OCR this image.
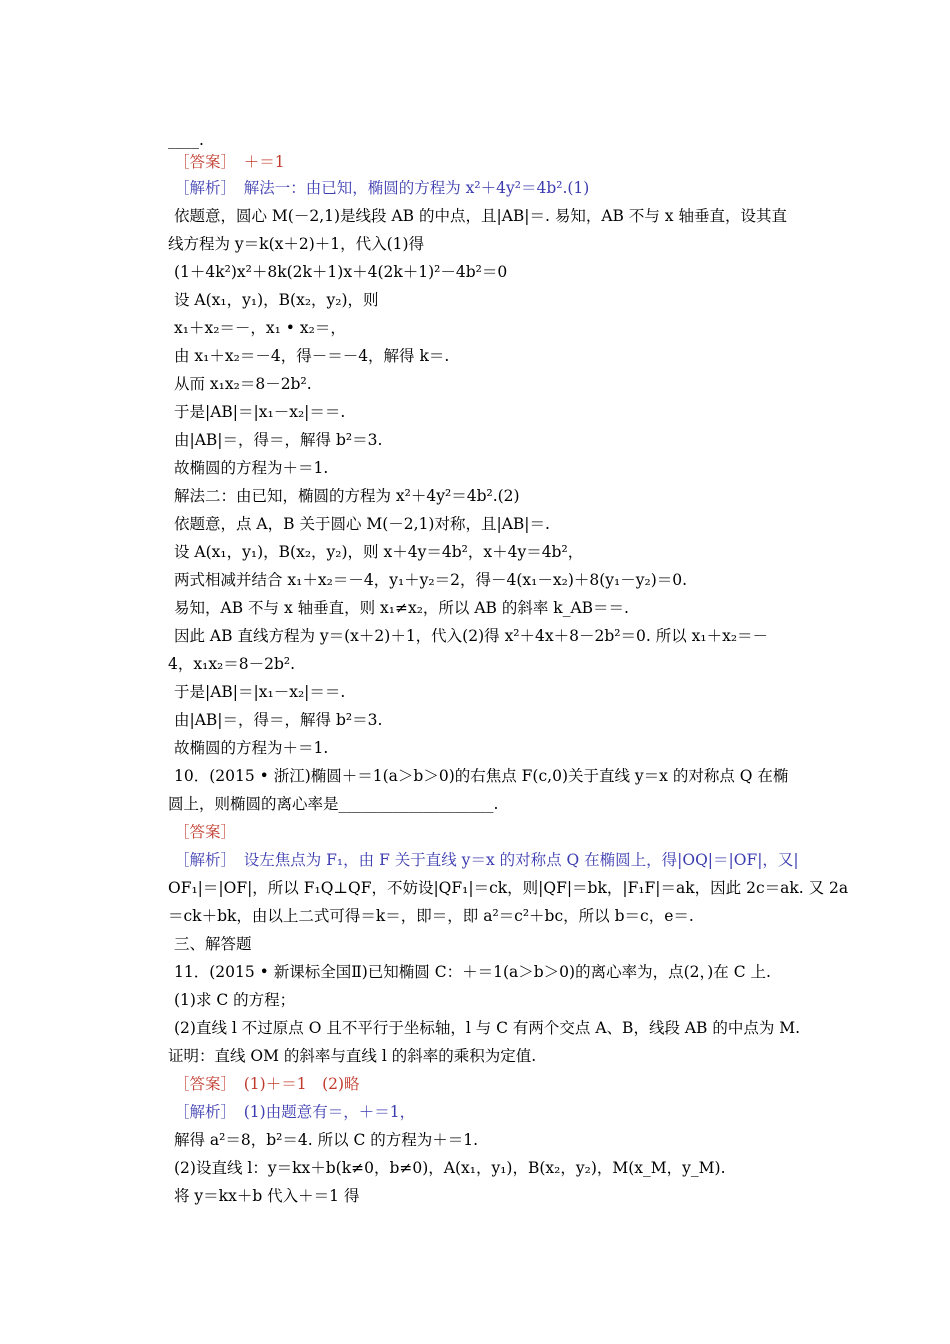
____.
［答案］　＋＝1
［解析］　解法一：由已知，椭圆的方程为 x²＋4y²＝4b².(1)
依题意，圆心 M(－2,1)是线段 AB 的中点，且|AB|＝. 易知，AB 不与 x 轴垂直，设其直
线方程为 y＝k(x＋2)＋1，代入(1)得
(1＋4k²)x²＋8k(2k＋1)x＋4(2k＋1)²－4b²＝0
设 A(x₁，y₁)，B(x₂，y₂)，则
x₁＋x₂＝－，x₁ • x₂＝，
由 x₁＋x₂＝－4，得－＝－4，解得 k＝.
从而 x₁x₂＝8－2b².
于是|AB|＝|x₁－x₂|＝＝.
由|AB|＝，得＝，解得 b²＝3.
故椭圆的方程为＋＝1.
解法二：由已知，椭圆的方程为 x²＋4y²＝4b².(2)
依题意，点 A，B 关于圆心 M(－2,1)对称，且|AB|＝.
设 A(x₁，y₁)，B(x₂，y₂)，则 x＋4y＝4b²，x＋4y＝4b²，
两式相减并结合 x₁＋x₂＝－4，y₁＋y₂＝2，得－4(x₁－x₂)＋8(y₁－y₂)＝0.
易知，AB 不与 x 轴垂直，则 x₁≠x₂，所以 AB 的斜率 k_AB＝＝.
因此 AB 直线方程为 y＝(x＋2)＋1，代入(2)得 x²＋4x＋8－2b²＝0. 所以 x₁＋x₂＝－
4，x₁x₂＝8－2b².
于是|AB|＝|x₁－x₂|＝＝.
由|AB|＝，得＝，解得 b²＝3.
故椭圆的方程为＋＝1.
10．(2015 • 浙江)椭圆＋＝1(a＞b＞0)的右焦点 F(c,0)关于直线 y＝x 的对称点 Q 在椭
圆上，则椭圆的离心率是____________________.
［答案］
［解析］　设左焦点为 F₁，由 F 关于直线 y＝x 的对称点 Q 在椭圆上，得|OQ|＝|OF|，又|
OF₁|＝|OF|，所以 F₁Q⊥QF，不妨设|QF₁|＝ck，则|QF|＝bk，|F₁F|＝ak，因此 2c＝ak. 又 2a
＝ck＋bk，由以上二式可得＝k＝，即＝，即 a²＝c²＋bc，所以 b＝c，e＝.
三、解答题
11．(2015 • 新课标全国Ⅱ)已知椭圆 C：＋＝1(a＞b＞0)的离心率为，点(2，)在 C 上.
(1)求 C 的方程；
(2)直线 l 不过原点 O 且不平行于坐标轴，l 与 C 有两个交点 A、B，线段 AB 的中点为 M.
证明：直线 OM 的斜率与直线 l 的斜率的乘积为定值.
［答案］　(1)＋＝1　(2)略
［解析］　(1)由题意有＝，＋＝1，
解得 a²＝8，b²＝4. 所以 C 的方程为＋＝1.
(2)设直线 l：y＝kx＋b(k≠0，b≠0)，A(x₁，y₁)，B(x₂，y₂)，M(x_M，y_M).
将 y＝kx＋b 代入＋＝1 得
